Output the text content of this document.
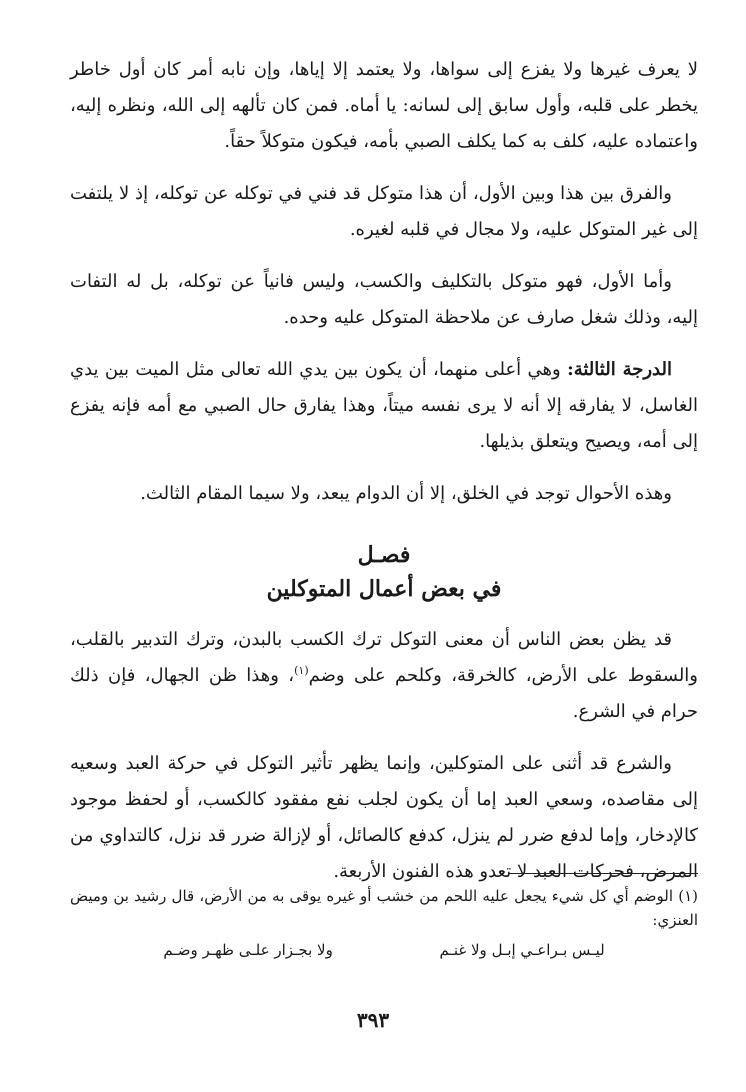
لا يعرف غيرها ولا يفزع إلى سواها، ولا يعتمد إلا إياها، وإن نابه أمر كان أول خاطر يخطر على قلبه، وأول سابق إلى لسانه: يا أماه. فمن كان تألهه إلى الله، ونظره إليه، واعتماده عليه، كلف به كما يكلف الصبي بأمه، فيكون متوكلاً حقاً.

والفرق بين هذا وبين الأول، أن هذا متوكل قد فني في توكله عن توكله، إذ لا يلتفت إلى غير المتوكل عليه، ولا مجال في قلبه لغيره.

وأما الأول، فهو متوكل بالتكليف والكسب، وليس فانياً عن توكله، بل له التفات إليه، وذلك شغل صارف عن ملاحظة المتوكل عليه وحده.

الدرجة الثالثة: وهي أعلى منهما، أن يكون بين يدي الله تعالى مثل الميت بين يدي الغاسل، لا يفارقه إلا أنه لا يرى نفسه ميتاً، وهذا يفارق حال الصبي مع أمه فإنه يفزع إلى أمه، ويصيح ويتعلق بذيلها.

وهذه الأحوال توجد في الخلق، إلا أن الدوام يبعد، ولا سيما المقام الثالث.

فصـل
في بعض أعمال المتوكلين

قد يظن بعض الناس أن معنى التوكل ترك الكسب بالبدن، وترك التدبير بالقلب، والسقوط على الأرض، كالخرقة، وكلحم على وضم$^{(١)}$، وهذا ظن الجهال، فإن ذلك حرام في الشرع.

والشرع قد أثنى على المتوكلين، وإنما يظهر تأثير التوكل في حركة العبد وسعيه إلى مقاصده، وسعي العبد إما أن يكون لجلب نفع مفقود كالكسب، أو لحفظ موجود كالإدخار، وإما لدفع ضرر لم ينزل، كدفع كالصائل، أو لإزالة ضرر قد نزل، كالتداوي من المرض، فحركات العبد لا تعدو هذه الفنون الأربعة.

(١) الوضم أي كل شيء يجعل عليه اللحم من خشب أو غيره يوقى به من الأرض، قال رشيد بن وميض العنزي:
ليـس بـراعـي إبـل ولا غنـم
ولا بجـزار علـى ظهـر وضـم
٣٩٣
